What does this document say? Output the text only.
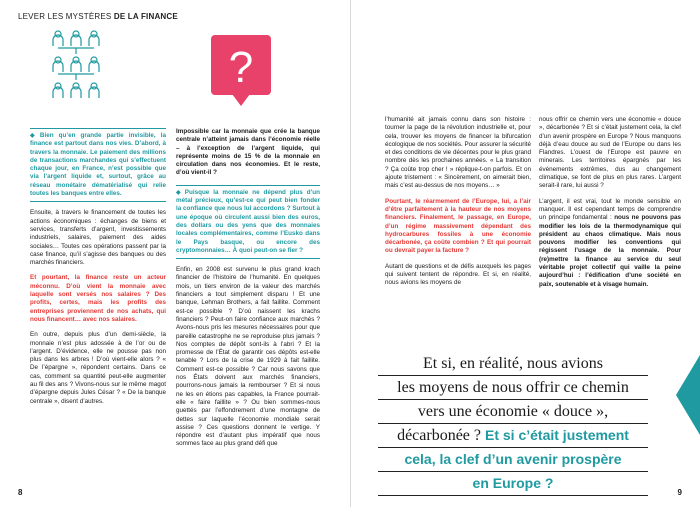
LEVER LES MYSTÈRES DE LA FINANCE
?

◆ Bien qu’en grande partie invisible, la finance est partout dans nos vies. D’abord, à travers la monnaie. Le paiement des millions de transactions marchandes qui s’effectuent chaque jour, en France, n’est possible que via l’argent liquide et, surtout, grâce au réseau monétaire dématérialisé qui relie toutes les banques entre elles.

Ensuite, à travers le financement de toutes les actions économiques : échanges de biens et services, transferts d’argent, investissements industriels, salaires, paiement des aides sociales… Toutes ces opérations passent par la case finance, qu’il s’agisse des banques ou des marchés financiers.

Et pourtant, la finance reste un acteur méconnu. D’où vient la monnaie avec laquelle sont versés nos salaires ? Des profits, certes, mais les profits des entreprises proviennent de nos achats, qui nous financent… avec nos salaires.

En outre, depuis plus d’un demi-siècle, la monnaie n’est plus adossée à de l’or ou de l’argent. D’évidence, elle ne pousse pas non plus dans les arbres ! D’où vient-elle alors ? « De l’épargne », répondent certains. Dans ce cas, comment sa quantité peut-elle augmenter au fil des ans ? Vivons-nous sur le même magot d’épargne depuis Jules César ? « De la banque centrale », disent d’autres.

Impossible car la monnaie que crée la banque centrale n’atteint jamais dans l’économie réelle – à l’exception de l’argent liquide, qui représente moins de 15 % de la monnaie en circulation dans nos économies. Et le reste, d’où vient-il ?

◆ Puisque la monnaie ne dépend plus d’un métal précieux, qu’est-ce qui peut bien fonder la confiance que nous lui accordons ? Surtout à une époque où circulent aussi bien des euros, des dollars ou des yens que des monnaies locales complémentaires, comme l’Eusko dans le Pays basque, ou encore des cryptomonnaies… À quoi peut-on se fier ?

Enfin, en 2008 est survenu le plus grand krach financier de l’histoire de l’humanité. En quelques mois, un tiers environ de la valeur des marchés financiers a tout simplement disparu ! Et une banque, Lehman Brothers, a fait faillite. Comment est-ce possible ? D’où naissent les krachs financiers ? Peut-on faire confiance aux marchés ? Avons-nous pris les mesures nécessaires pour que pareille catastrophe ne se reproduise plus jamais ? Nos comptes de dépôt sont-ils à l’abri ? Et la promesse de l’État de garantir ces dépôts est-elle tenable ? Lors de la crise de 1929 à fait faillite. Comment est-ce possible ? Car nous savons que nos États doivent aux marchés financiers, pourrons-nous jamais la rembourser ? Et si nous ne les en étions pas capables, la France pourrait-elle « faire faillite » ? Ou bien sommes-nous guettés par l’effondrement d’une montagne de dettes sur laquelle l’économie mondiale serait assise ? Ces questions donnent le vertige. Y répondre est d’autant plus impératif que nous sommes face au plus grand défi que

8

l’humanité ait jamais connu dans son histoire : tourner la page de la révolution industrielle et, pour cela, trouver les moyens de financer la bifurcation écologique de nos sociétés. Pour assurer la sécurité et des conditions de vie décentes pour le plus grand nombre dès les prochaines années. « La transition ? Ça coûte trop cher ! » réplique-t-on parfois. Et on ajoute tristement : « Sincèrement, on aimerait bien, mais c’est au-dessus de nos moyens… »

Pourtant, le réarmement de l’Europe, lui, a l’air d’être parfaitement à la hauteur de nos moyens financiers. Finalement, le passage, en Europe, d’un régime massivement dépendant des hydrocarbures fossiles à une économie décarbonée, ça coûte combien ? Et qui pourrait ou devrait payer la facture ?

Autant de questions et de défis auxquels les pages qui suivent tentent de répondre. Et si, en réalité, nous avions les moyens de

nous offrir ce chemin vers une économie « douce », décarbonée ? Et si c’était justement cela, la clef d’un avenir prospère en Europe ? Nous manquons déjà d’eau douce au sud de l’Europe ou dans les Flandres. L’ouest de l’Europe est pauvre en minerais. Les territoires épargnés par les événements extrêmes, dus au changement climatique, se font de plus en plus rares. L’argent serait-il rare, lui aussi ?

L’argent, il est vrai, tout le monde sensible en manquer. Il est cependant temps de comprendre un principe fondamental : nous ne pouvons pas modifier les lois de la thermodynamique qui président au chaos climatique. Mais nous pouvons modifier les conventions qui régissent l’usage de la monnaie. Pour (re)mettre la finance au service du seul véritable projet collectif qui vaille la peine aujourd’hui : l’édification d’une société en paix, soutenable et à visage humain.

9
Et si, en réalité, nous avions
les moyens de nous offrir ce chemin
vers une économie « douce »,
décarbonée ? Et si c’était justement
cela, la clef d’un avenir prospère
en Europe ?
